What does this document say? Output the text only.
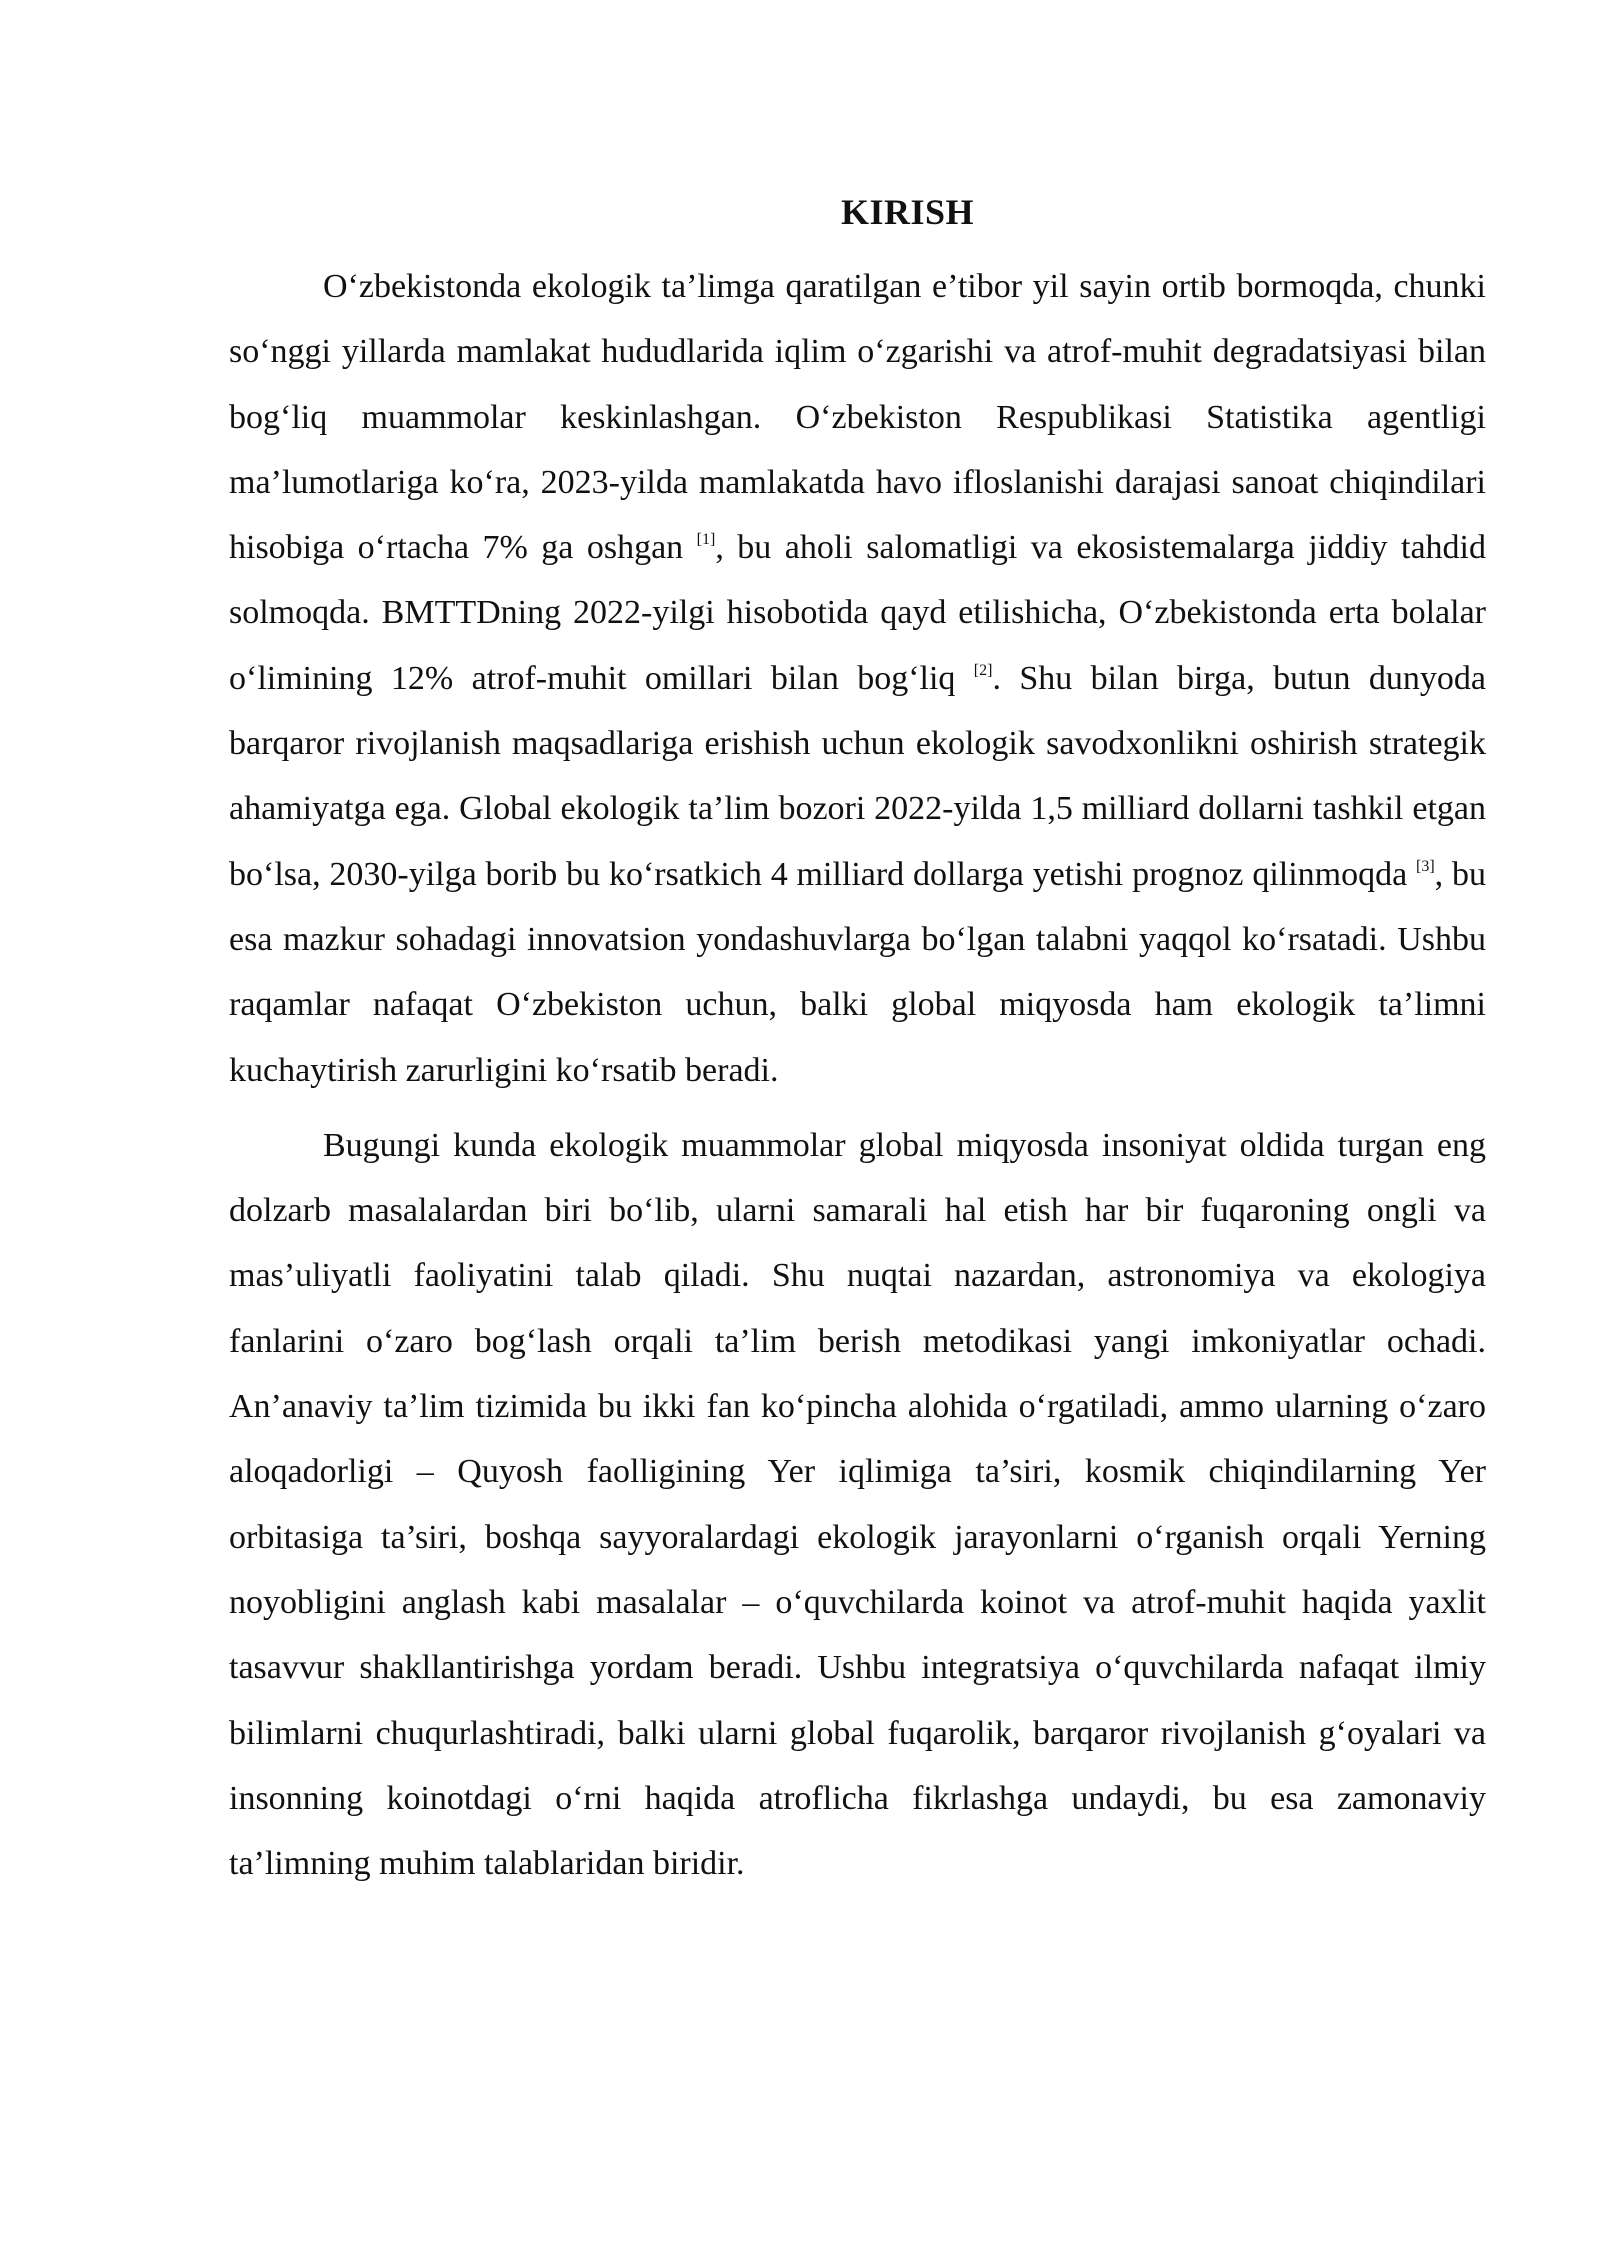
KIRISH

O‘zbekistonda ekologik ta’limga qaratilgan e’tibor yil sayin ortib bormoqda, chunki so‘nggi yillarda mamlakat hududlarida iqlim o‘zgarishi va atrof-muhit degradatsiyasi bilan bog‘liq muammolar keskinlashgan. O‘zbekiston Respublikasi Statistika agentligi ma’lumotlariga ko‘ra, 2023-yilda mamlakatda havo ifloslanishi darajasi sanoat chiqindilari hisobiga o‘rtacha 7% ga oshgan [1], bu aholi salomatligi va ekosistemalarga jiddiy tahdid solmoqda. BMTTDning 2022-yilgi hisobotida qayd etilishicha, O‘zbekistonda erta bolalar o‘limining 12% atrof-muhit omillari bilan bog‘liq [2]. Shu bilan birga, butun dunyoda barqaror rivojlanish maqsadlariga erishish uchun ekologik savodxonlikni oshirish strategik ahamiyatga ega. Global ekologik ta’lim bozori 2022-yilda 1,5 milliard dollarni tashkil etgan bo‘lsa, 2030-yilga borib bu ko‘rsatkich 4 milliard dollarga yetishi prognoz qilinmoqda [3], bu esa mazkur sohadagi innovatsion yondashuvlarga bo‘lgan talabni yaqqol ko‘rsatadi. Ushbu raqamlar nafaqat O‘zbekiston uchun, balki global miqyosda ham ekologik ta’limni kuchaytirish zarurligini ko‘rsatib beradi.

Bugungi kunda ekologik muammolar global miqyosda insoniyat oldida turgan eng dolzarb masalalardan biri bo‘lib, ularni samarali hal etish har bir fuqaroning ongli va mas’uliyatli faoliyatini talab qiladi. Shu nuqtai nazardan, astronomiya va ekologiya fanlarini o‘zaro bog‘lash orqali ta’lim berish metodikasi yangi imkoniyatlar ochadi. An’anaviy ta’lim tizimida bu ikki fan ko‘pincha alohida o‘rgatiladi, ammo ularning o‘zaro aloqadorligi – Quyosh faolligining Yer iqlimiga ta’siri, kosmik chiqindilarning Yer orbitasiga ta’siri, boshqa sayyoralardagi ekologik jarayonlarni o‘rganish orqali Yerning noyobligini anglash kabi masalalar – o‘quvchilarda koinot va atrof-muhit haqida yaxlit tasavvur shakllantirishga yordam beradi. Ushbu integratsiya o‘quvchilarda nafaqat ilmiy bilimlarni chuqurlashtiradi, balki ularni global fuqarolik, barqaror rivojlanish g‘oyalari va insonning koinotdagi o‘rni haqida atroflicha fikrlashga undaydi, bu esa zamonaviy ta’limning muhim talablaridan biridir.
